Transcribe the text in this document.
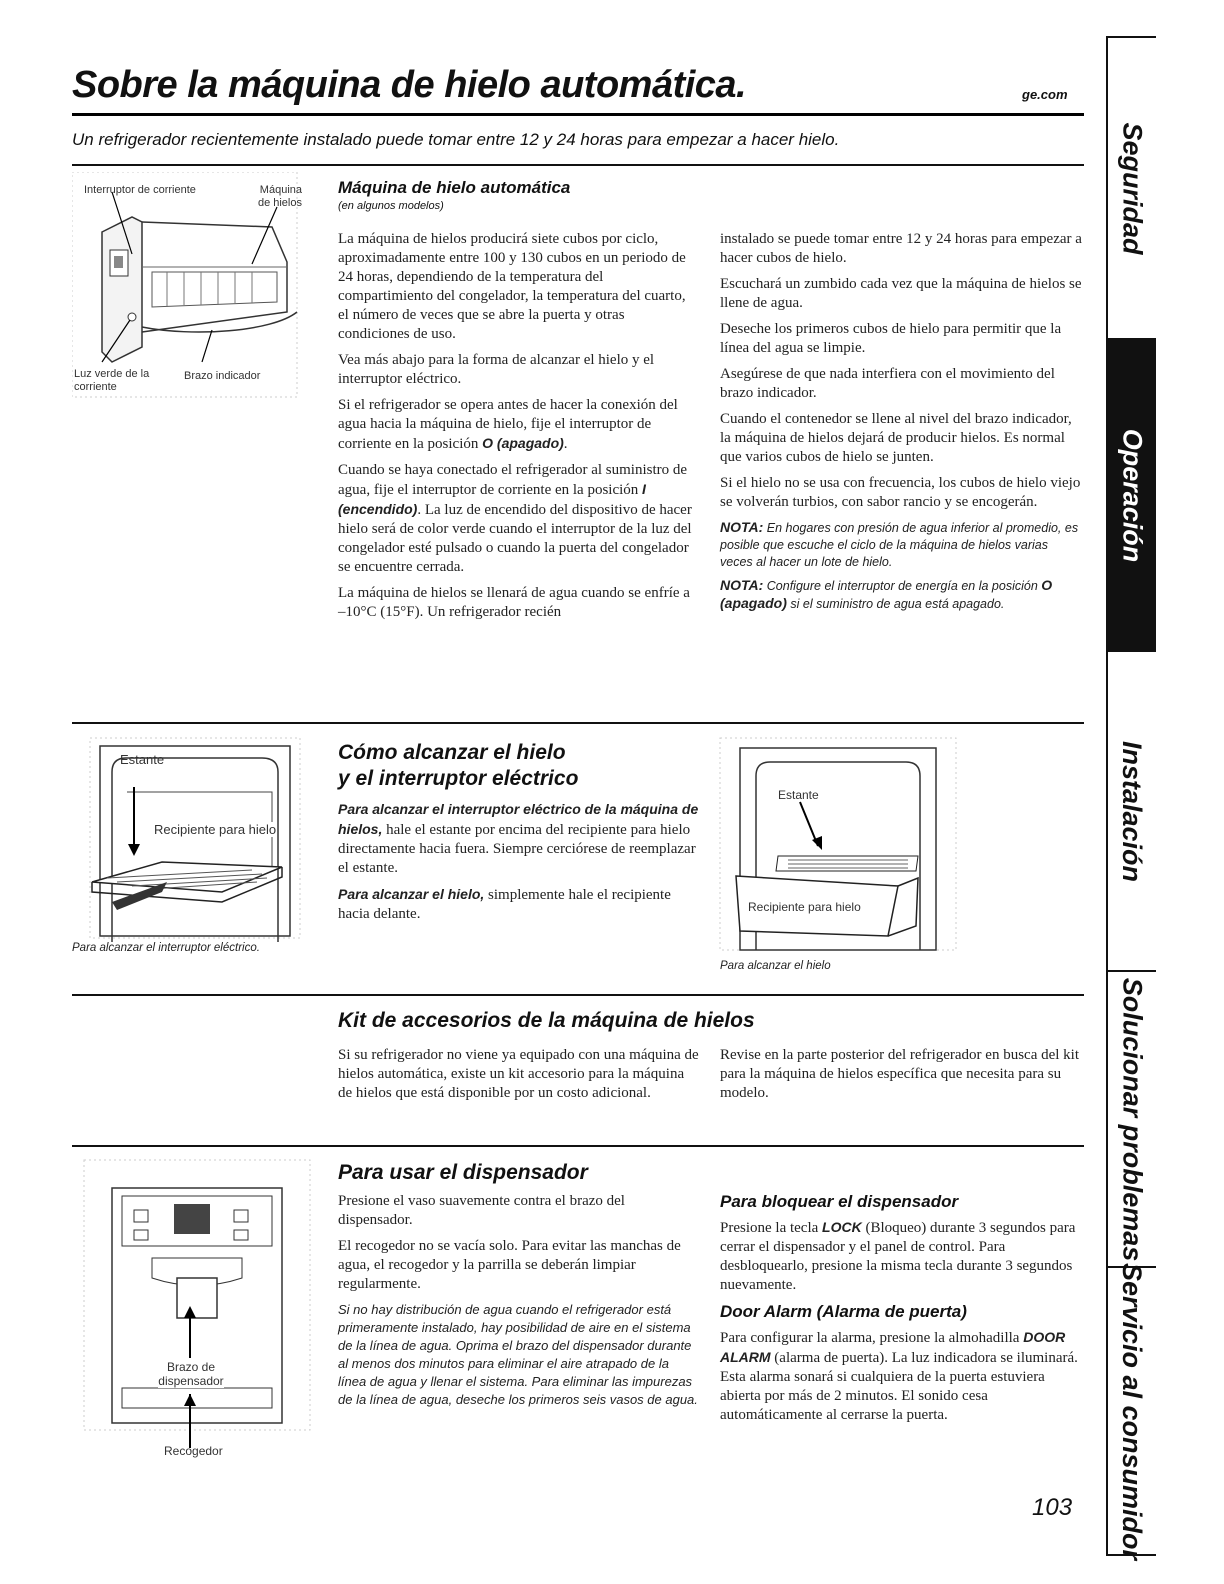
Sobre la máquina de hielo automática.	ge.com
Un refrigerador recientemente instalado puede tomar entre 12 y 24 horas para empezar a hacer hielo.
Interruptor de corriente	Máquina de hielos
Luz verde de la corriente
Brazo indicador
Máquina de hielo automática
(en algunos modelos)

La máquina de hielos producirá siete cubos por ciclo, aproximadamente entre 100 y 130 cubos en un periodo de 24 horas, dependiendo de la temperatura del compartimiento del congelador, la temperatura del cuarto, el número de veces que se abre la puerta y otras condiciones de uso.

Vea más abajo para la forma de alcanzar el hielo y el interruptor eléctrico.

Si el refrigerador se opera antes de hacer la conexión del agua hacia la máquina de hielo, fije el interruptor de corriente en la posición O (apagado).

Cuando se haya conectado el refrigerador al suministro de agua, fije el interruptor de corriente en la posición I (encendido). La luz de encendido del dispositivo de hacer hielo será de color verde cuando el interruptor de la luz del congelador esté pulsado o cuando la puerta del congelador se encuentre cerrada.

La máquina de hielos se llenará de agua cuando se enfríe a –10°C (15°F). Un refrigerador recién

instalado se puede tomar entre 12 y 24 horas para empezar a hacer cubos de hielo.

Escuchará un zumbido cada vez que la máquina de hielos se llene de agua.

Deseche los primeros cubos de hielo para permitir que la línea del agua se limpie.

Asegúrese de que nada interfiera con el movimiento del brazo indicador.

Cuando el contenedor se llene al nivel del brazo indicador, la máquina de hielos dejará de producir hielos. Es normal que varios cubos de hielo se junten.

Si el hielo no se usa con frecuencia, los cubos de hielo viejo se volverán turbios, con sabor rancio y se encogerán.

NOTA: En hogares con presión de agua inferior al promedio, es posible que escuche el ciclo de la máquina de hielos varias veces al hacer un lote de hielo.

NOTA: Configure el interruptor de energía en la posición O (apagado) si el suministro de agua está apagado.

Estante
Recipiente para hielo
Para alcanzar el interruptor eléctrico.
Cómo alcanzar el hielo
y el interruptor eléctrico

Para alcanzar el interruptor eléctrico de la máquina de hielos, hale el estante por encima del recipiente para hielo directamente hacia fuera. Siempre cerciórese de reemplazar el estante.

Para alcanzar el hielo, simplemente hale el recipiente hacia delante.

Estante
Recipiente para hielo
Para alcanzar el hielo
Kit de accesorios de la máquina de hielos

Si su refrigerador no viene ya equipado con una máquina de hielos automática, existe un kit accesorio para la máquina de hielos que está disponible por un costo adicional.

Revise en la parte posterior del refrigerador en busca del kit para la máquina de hielos específica que necesita para su modelo.

Brazo de dispensador
Recogedor
Para usar el dispensador

Presione el vaso suavemente contra el brazo del dispensador.

El recogedor no se vacía solo. Para evitar las manchas de agua, el recogedor y la parrilla se deberán limpiar regularmente.

Si no hay distribución de agua cuando el refrigerador está primeramente instalado, hay posibilidad de aire en el sistema de la línea de agua. Oprima el brazo del dispensador durante al menos dos minutos para eliminar el aire atrapado de la línea de agua y llenar el sistema. Para eliminar las impurezas de la línea de agua, deseche los primeros seis vasos de agua.

Para bloquear el dispensador

Presione la tecla LOCK (Bloqueo) durante 3 segundos para cerrar el dispensador y el panel de control. Para desbloquearlo, presione la misma tecla durante 3 segundos nuevamente.

Door Alarm (Alarma de puerta)

Para configurar la alarma, presione la almohadilla DOOR ALARM (alarma de puerta). La luz indicadora se iluminará. Esta alarma sonará si cualquiera de la puerta estuviera abierta por más de 2 minutos. El sonido cesa automáticamente al cerrarse la puerta.

103
Seguridad
Operación
Instalación
Solucionar problemas
Servicio al consumidor
